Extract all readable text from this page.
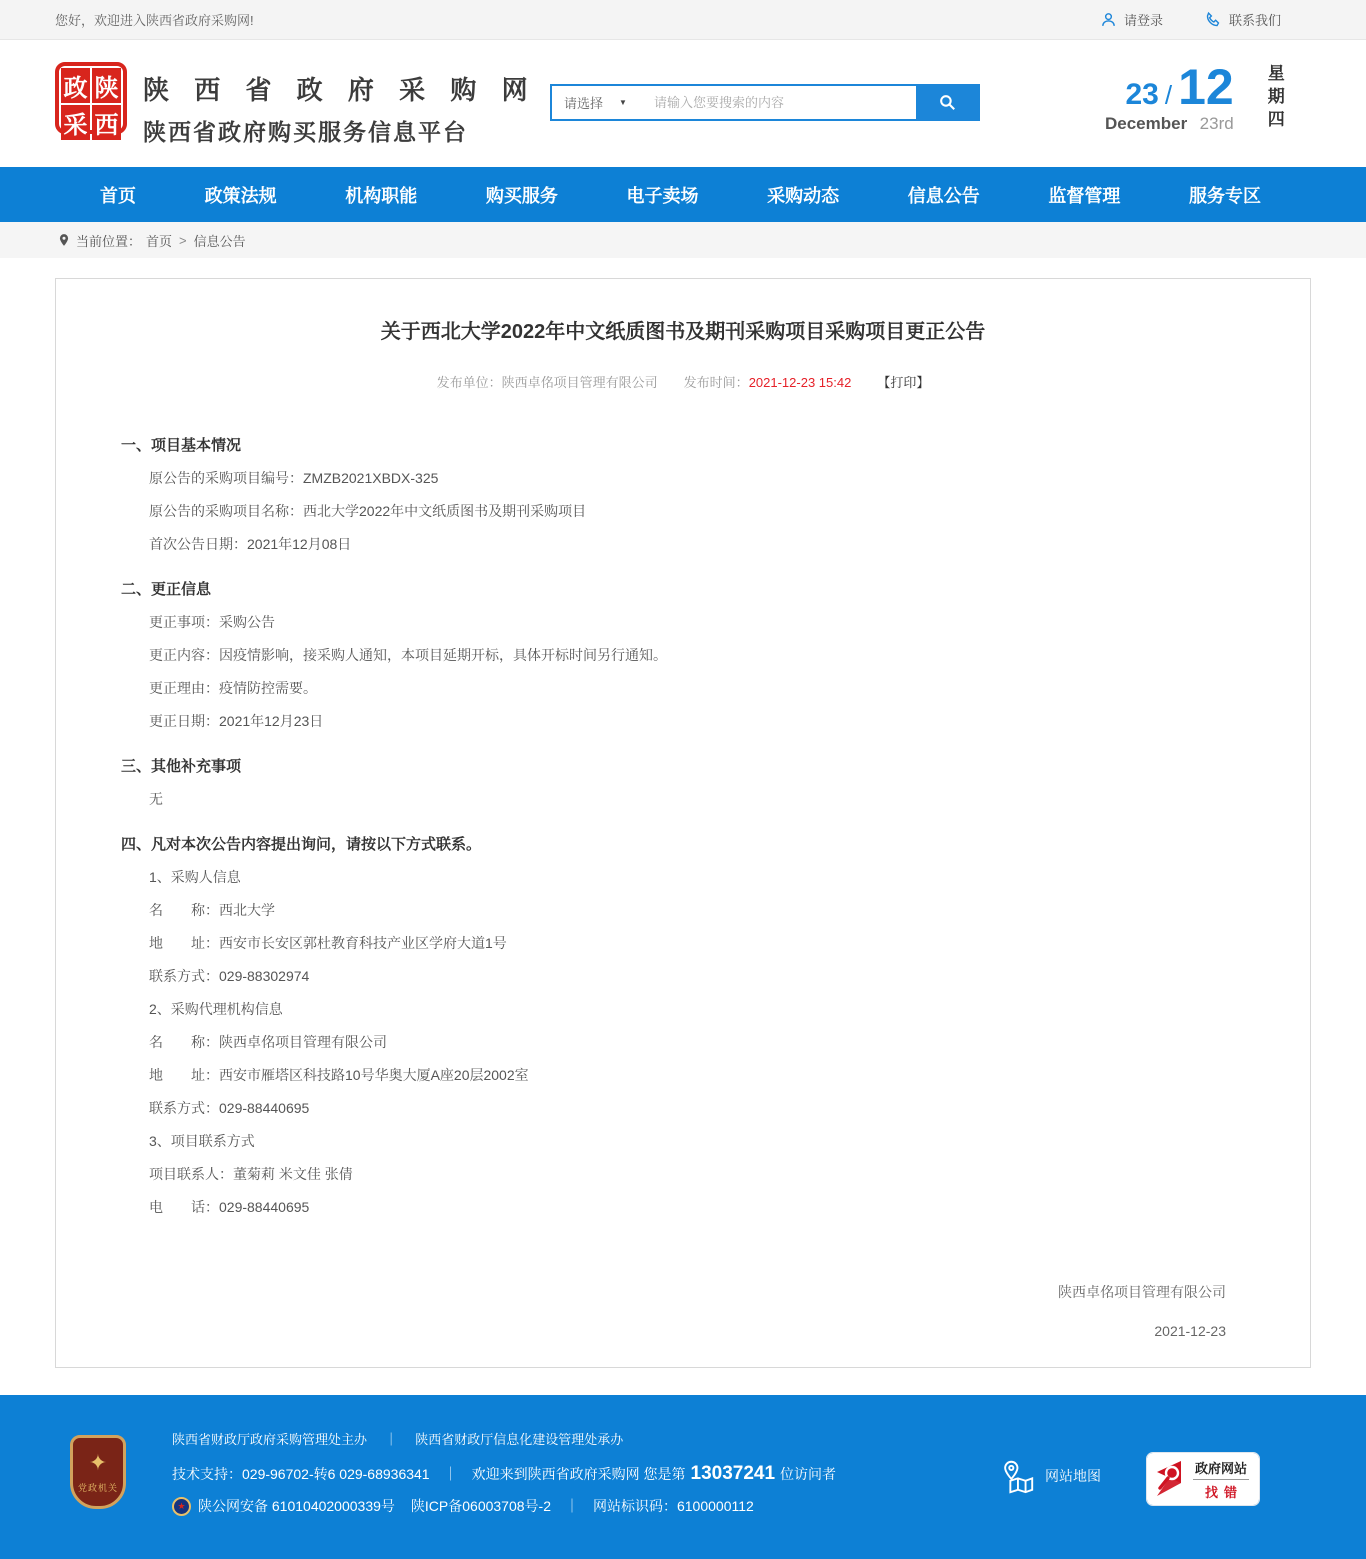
您好，欢迎进入陕西省政府采购网!	请登录	联系我们
政 陕
采 西
陕 西 省 政 府 采 购 网
陕西省政府购买服务信息平台
请选择 ▼
请输入您要搜索的内容	23 / 12
December 23rd 星期四
首页	政策法规	机构职能	购买服务	电子卖场	采购动态	信息公告	监督管理	服务专区
当前位置： 首页 > 信息公告
关于西北大学2022年中文纸质图书及期刊采购项目采购项目更正公告
发布单位：陕西卓佲项目管理有限公司 发布时间：2021-12-23 15:42 【打印】
一、项目基本情况
原公告的采购项目编号：ZMZB2021XBDX-325
原公告的采购项目名称：西北大学2022年中文纸质图书及期刊采购项目
首次公告日期：2021年12月08日
二、更正信息
更正事项：采购公告
更正内容：因疫情影响，接采购人通知，本项目延期开标，具体开标时间另行通知。
更正理由：疫情防控需要。
更正日期：2021年12月23日
三、其他补充事项
无
四、凡对本次公告内容提出询问，请按以下方式联系。
1、采购人信息
名　　称：西北大学
地　　址：西安市长安区郭杜教育科技产业区学府大道1号
联系方式：029-88302974
2、采购代理机构信息
名　　称：陕西卓佲项目管理有限公司
地　　址：西安市雁塔区科技路10号华奥大厦A座20层2002室
联系方式：029-88440695
3、项目联系方式
项目联系人：董菊莉 米文佳 张倩
电　　话：029-88440695
陕西卓佲项目管理有限公司
2021-12-23
✦
党政机关
陕西省财政厅政府采购管理处主办 ｜ 陕西省财政厅信息化建设管理处承办
技术支持：029-96702-转6 029-68936341 ｜ 欢迎来到陕西省政府采购网 您是第 13037241 位访问者
★ 陕公网安备 61010402000339号 陕ICP备06003708号-2 ｜ 网站标识码：6100000112
网站地图	政府网站
找错
